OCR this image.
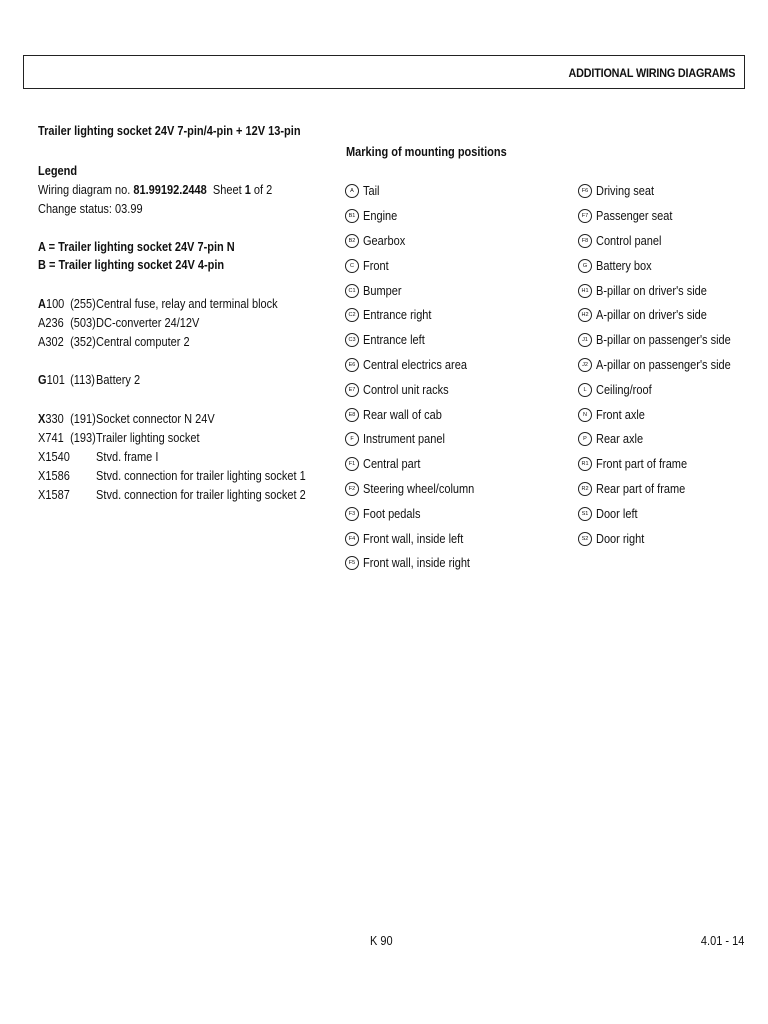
ADDITIONAL WIRING DIAGRAMS
Trailer lighting socket 24V 7-pin/4-pin + 12V 13-pin
Legend
Wiring diagram no. 81.99192.2448 Sheet 1 of 2
Change status: 03.99
A = Trailer lighting socket 24V 7-pin N
B = Trailer lighting socket 24V 4-pin
A100
(255)
Central fuse, relay and terminal block
A236
(503)
DC-converter 24/12V
A302
(352)
Central computer 2
G101
(113)
Battery 2
X330
(191)
Socket connector N 24V
X741
(193)
Trailer lighting socket
X1540

Stvd. frame I
X1586

Stvd. connection for trailer lighting socket 1
X1587

Stvd. connection for trailer lighting socket 2
Marking of mounting positions
A Tail
B1 Engine
B2 Gearbox
C Front
C1 Bumper
C2 Entrance right
C3 Entrance left
E6 Central electrics area
E7 Control unit racks
E8 Rear wall of cab
F Instrument panel
F1 Central part
F2 Steering wheel/column
F3 Foot pedals
F4 Front wall, inside left
F5 Front wall, inside right
F6 Driving seat
F7 Passenger seat
F8 Control panel
G Battery box
H1 B-pillar on driver's side
H2 A-pillar on driver's side
J1 B-pillar on passenger's side
J2 A-pillar on passenger's side
L Ceiling/roof
N Front axle
P Rear axle
R1 Front part of frame
R2 Rear part of frame
S1 Door left
S2 Door right
K 90	4.01 - 14
